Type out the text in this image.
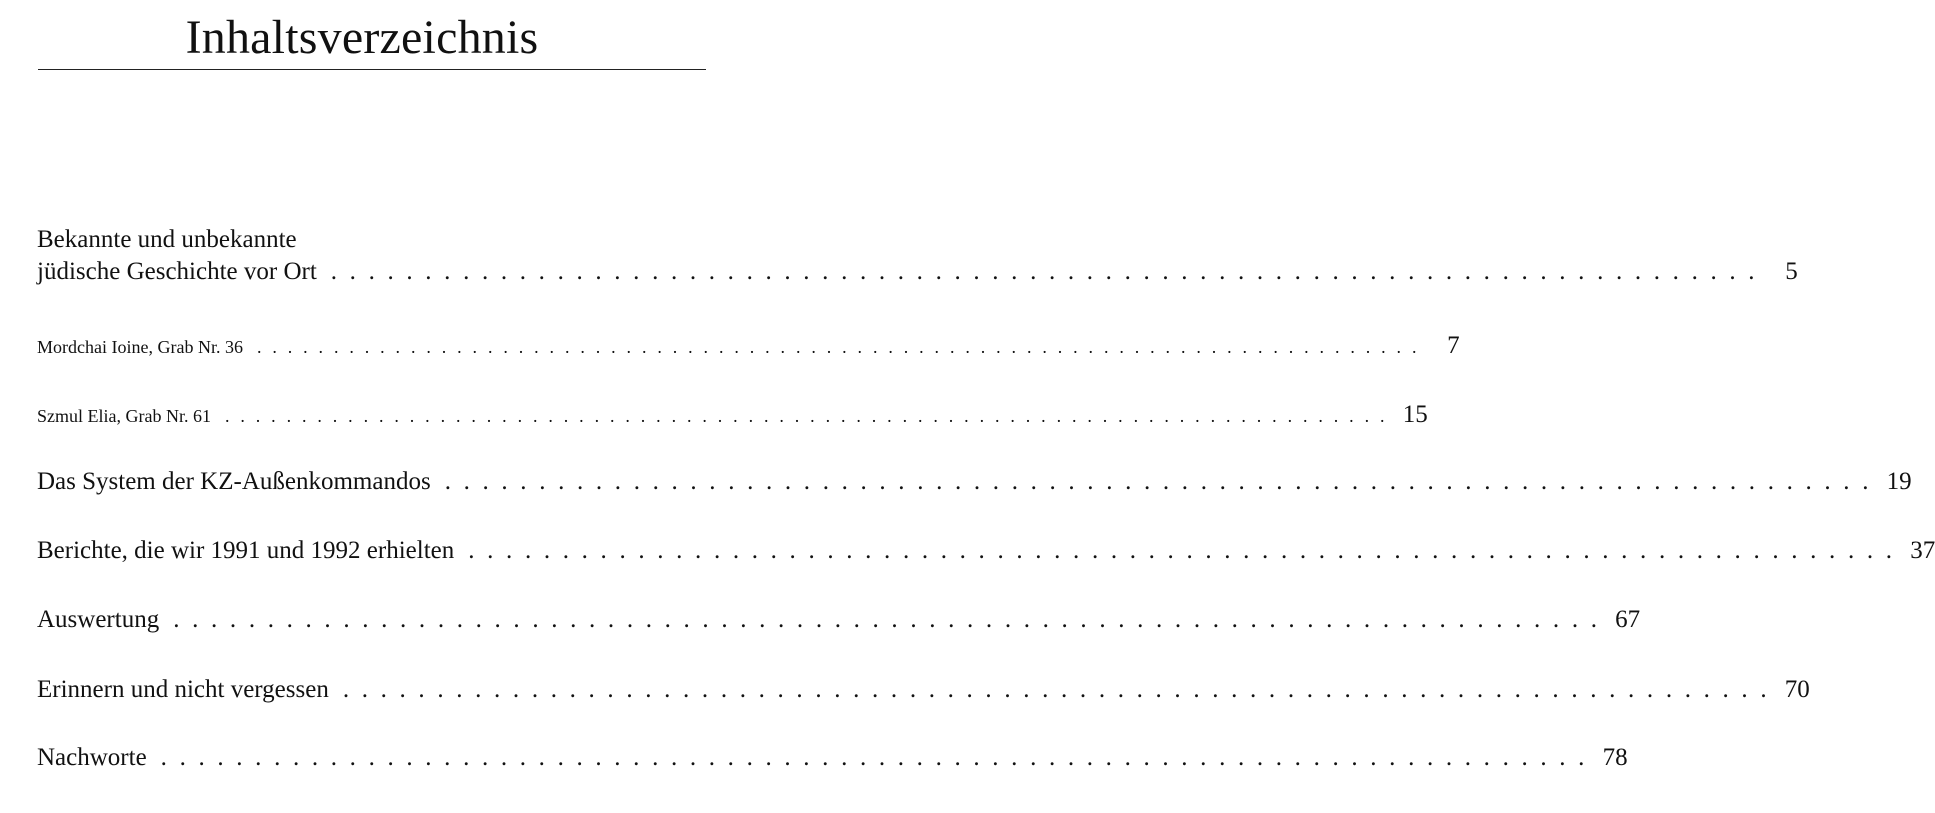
Inhaltsverzeichnis
Bekannte und unbekannte
jüdische Geschichte vor Ort . . . . . . . . . . . . . . . . . . . . . . . . . . . . . . . . . . . . . . . . . . . . . . . . . . . . . . . . . . . . . . . . . . . . . . . . . . . .	5
Mordchai Ioine, Grab Nr. 36 . . . . . . . . . . . . . . . . . . . . . . . . . . . . . . . . . . . . . . . . . . . . . . . . . . . . . . . . . . . . . . . . . . . . . . . . . . . .	7
Szmul Elia, Grab Nr. 61 . . . . . . . . . . . . . . . . . . . . . . . . . . . . . . . . . . . . . . . . . . . . . . . . . . . . . . . . . . . . . . . . . . . . . . . . . . . . 15
Das System der KZ-Außenkommandos . . . . . . . . . . . . . . . . . . . . . . . . . . . . . . . . . . . . . . . . . . . . . . . . . . . . . . . . . . . . . . . . . . . . . . . . . . . . 19
Berichte, die wir 1991 und 1992 erhielten . . . . . . . . . . . . . . . . . . . . . . . . . . . . . . . . . . . . . . . . . . . . . . . . . . . . . . . . . . . . . . . . . . . . . . . . . . . . 37
Auswertung . . . . . . . . . . . . . . . . . . . . . . . . . . . . . . . . . . . . . . . . . . . . . . . . . . . . . . . . . . . . . . . . . . . . . . . . . . . . 67
Erinnern und nicht vergessen . . . . . . . . . . . . . . . . . . . . . . . . . . . . . . . . . . . . . . . . . . . . . . . . . . . . . . . . . . . . . . . . . . . . . . . . . . . . 70
Nachworte . . . . . . . . . . . . . . . . . . . . . . . . . . . . . . . . . . . . . . . . . . . . . . . . . . . . . . . . . . . . . . . . . . . . . . . . . . . . 78
